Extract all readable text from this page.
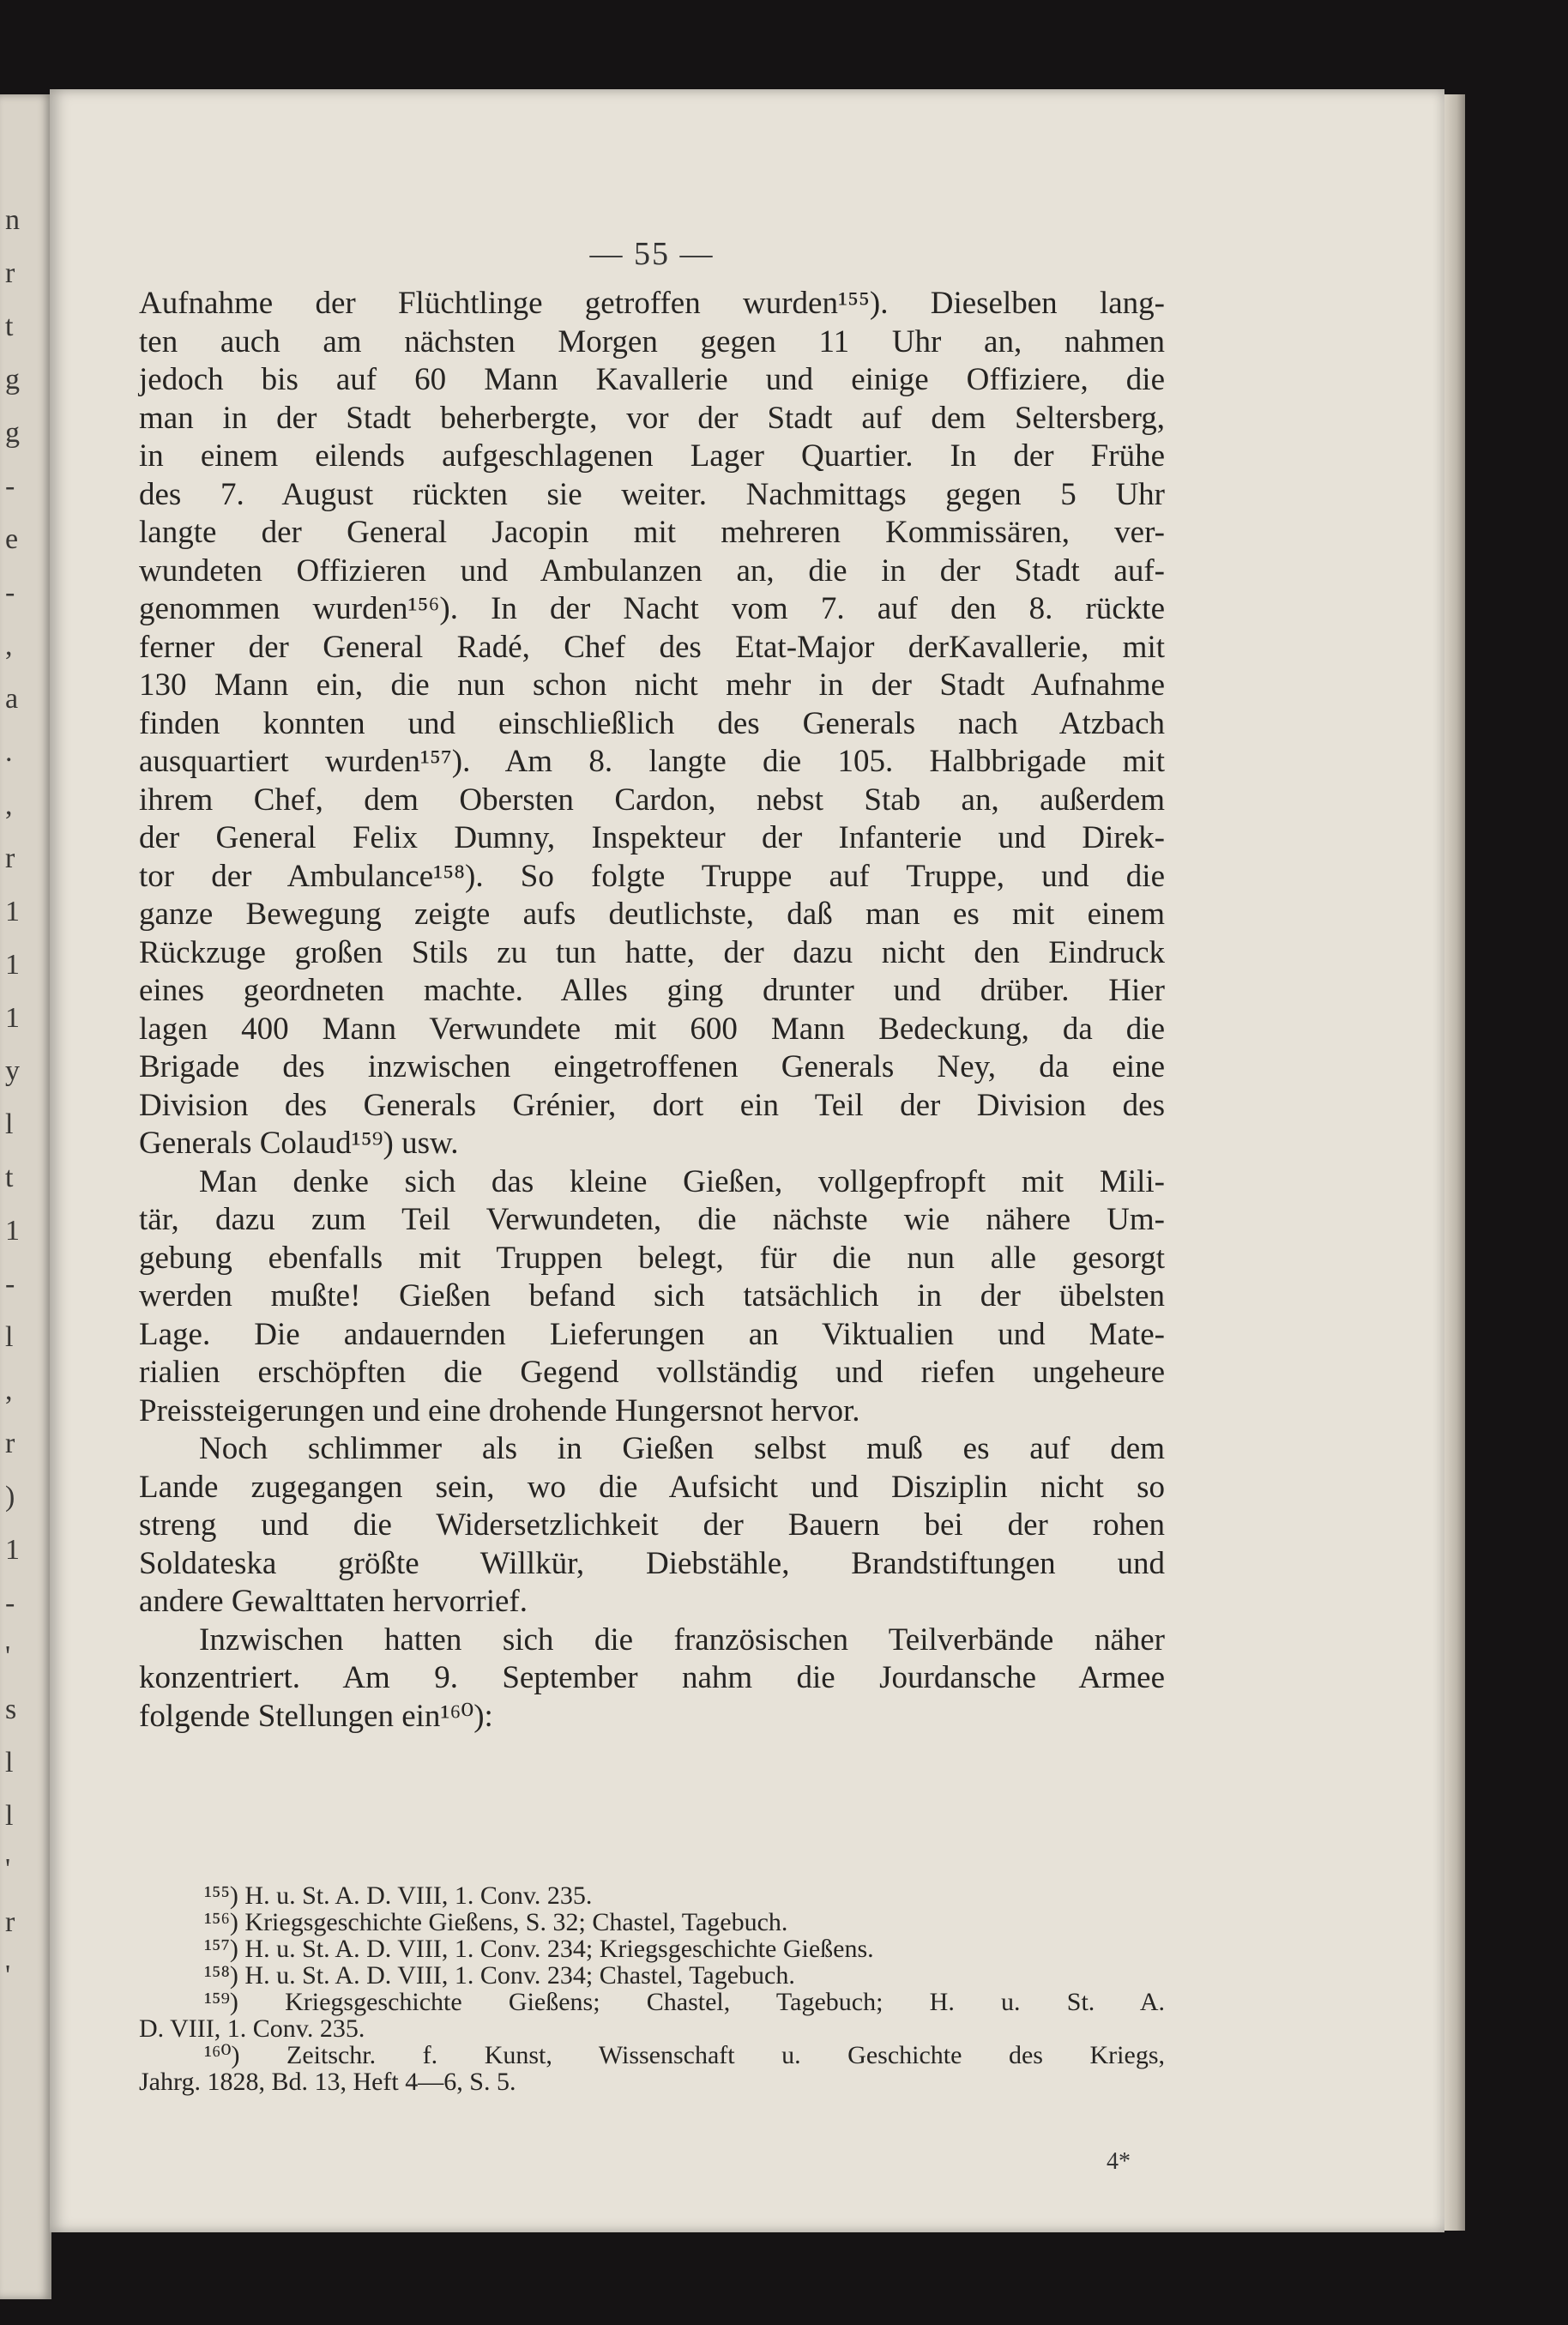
n
r
t
g
g
-
e
-
,
a
.
,
r
1
1
1
y
l
t
1
-
l
,
r
)
1
-
'
s
l
l
'
r
'
— 55 —
Aufnahme der Flüchtlinge getroffen wurden¹⁵⁵). Dieselben lang-
ten auch am nächsten Morgen gegen 11 Uhr an, nahmen
jedoch bis auf 60 Mann Kavallerie und einige Offiziere, die
man in der Stadt beherbergte, vor der Stadt auf dem Seltersberg,
in einem eilends aufgeschlagenen Lager Quartier. In der Frühe
des 7. August rückten sie weiter. Nachmittags gegen 5 Uhr
langte der General Jacopin mit mehreren Kommissären, ver-
wundeten Offizieren und Ambulanzen an, die in der Stadt auf-
genommen wurden¹⁵⁶). In der Nacht vom 7. auf den 8. rückte
ferner der General Radé, Chef des Etat-Major derKavallerie, mit
130 Mann ein, die nun schon nicht mehr in der Stadt Aufnahme
finden konnten und einschließlich des Generals nach Atzbach
ausquartiert wurden¹⁵⁷). Am 8. langte die 105. Halbbrigade mit
ihrem Chef, dem Obersten Cardon, nebst Stab an, außerdem
der General Felix Dumny, Inspekteur der Infanterie und Direk-
tor der Ambulance¹⁵⁸). So folgte Truppe auf Truppe, und die
ganze Bewegung zeigte aufs deutlichste, daß man es mit einem
Rückzuge großen Stils zu tun hatte, der dazu nicht den Eindruck
eines geordneten machte. Alles ging drunter und drüber. Hier
lagen 400 Mann Verwundete mit 600 Mann Bedeckung, da die
Brigade des inzwischen eingetroffenen Generals Ney, da eine
Division des Generals Grénier, dort ein Teil der Division des
Generals Colaud¹⁵⁹) usw.
Man denke sich das kleine Gießen, vollgepfropft mit Mili-
tär, dazu zum Teil Verwundeten, die nächste wie nähere Um-
gebung ebenfalls mit Truppen belegt, für die nun alle gesorgt
werden mußte! Gießen befand sich tatsächlich in der übelsten
Lage. Die andauernden Lieferungen an Viktualien und Mate-
rialien erschöpften die Gegend vollständig und riefen ungeheure
Preissteigerungen und eine drohende Hungersnot hervor.
Noch schlimmer als in Gießen selbst muß es auf dem
Lande zugegangen sein, wo die Aufsicht und Disziplin nicht so
streng und die Widersetzlichkeit der Bauern bei der rohen
Soldateska größte Willkür, Diebstähle, Brandstiftungen und
andere Gewalttaten hervorrief.
Inzwischen hatten sich die französischen Teilverbände näher
konzentriert. Am 9. September nahm die Jourdansche Armee
folgende Stellungen ein¹⁶⁰):
¹⁵⁵) H. u. St. A. D. VIII, 1. Conv. 235.
¹⁵⁶) Kriegsgeschichte Gießens, S. 32; Chastel, Tagebuch.
¹⁵⁷) H. u. St. A. D. VIII, 1. Conv. 234; Kriegsgeschichte Gießens.
¹⁵⁸) H. u. St. A. D. VIII, 1. Conv. 234; Chastel, Tagebuch.
¹⁵⁹) Kriegsgeschichte Gießens; Chastel, Tagebuch; H. u. St. A.
D. VIII, 1. Conv. 235.
¹⁶⁰) Zeitschr. f. Kunst, Wissenschaft u. Geschichte des Kriegs,
Jahrg. 1828, Bd. 13, Heft 4—6, S. 5.
4*
